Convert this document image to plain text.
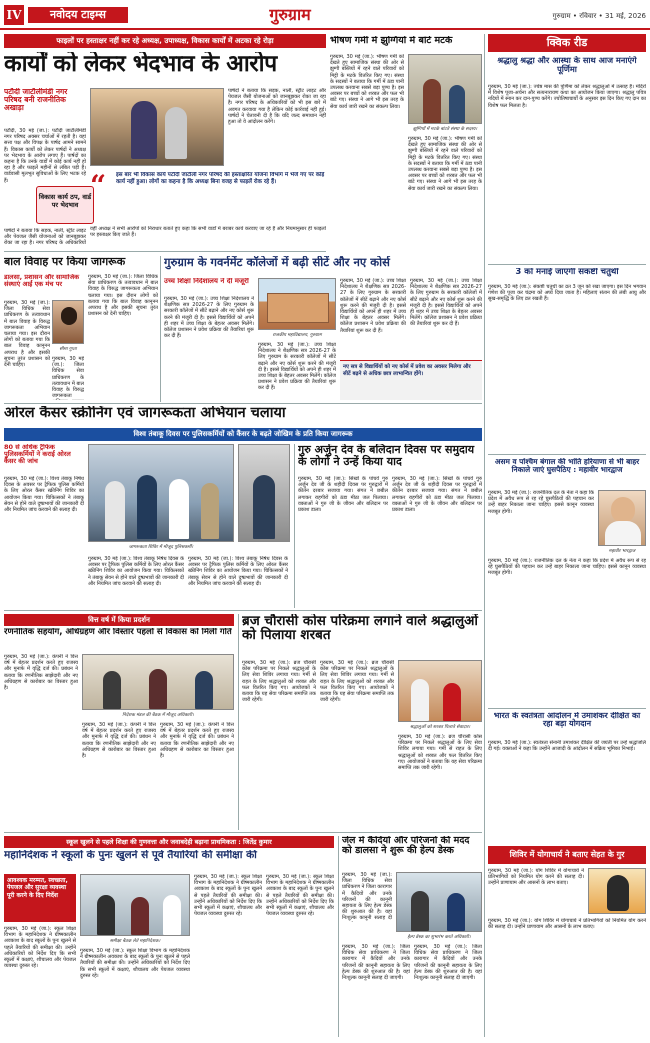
IV	नवोदय टाइम्स	गुरुग्राम	गुरुग्राम • रविवार • 31 मई, 2026
फाइलों पर हस्ताक्षर नहीं कर रहे अध्यक्ष, उपाध्यक्ष, विकास कार्यों में अटका रहे रोड़ा
कार्यों को लेकर भेदभाव के आरोप
पटौदी जाटौलीमंडी नगर परिषद बनी राजनीतिक अखाड़ा
पटौदी, 30 मई (जा.): पटौदी जाटौलीमंडी नगर परिषद अक्सर चर्चाओं में रहती है। यहां सत्ता पक्ष और विपक्ष के पार्षद आमने सामने हैं। विकास कार्यों को लेकर पार्षदों ने अध्यक्ष पर भेदभाव के आरोप लगाए हैं। पार्षदों का कहना है कि उनके वार्डों में कोई कार्य नहीं हो रहा है और फाइलें महीनों से लंबित पड़ी हैं। वार्डवासी मूलभूत सुविधाओं के लिए भटक रहे हैं।
विकास कार्य ठप, वार्ड पर भेदभाव
पार्षदों ने बताया कि सड़क, नाली, स्ट्रीट लाइट और पेयजल जैसी योजनाओं को जानबूझकर रोका जा रहा है। नगर परिषद के अधिकारियों
पार्षदों ने बताया कि सड़क, नाली, स्ट्रीट लाइट और पेयजल जैसी योजनाओं को जानबूझकर रोका जा रहा है। नगर परिषद के अधिकारियों को भी इस बारे में अवगत करवाया गया है लेकिन कोई कार्रवाई नहीं हुई। पार्षदों ने चेतावनी दी है कि यदि जल्द समाधान नहीं हुआ तो वे आंदोलन करेंगे।
“	इस बार भी विकास कार्य पटौदी जाटौली नगर परिषद की हस्ताक्षरित योजना विभाग में भेजे गए पर कोई कार्य नहीं हुआ। लोगों का कहना है कि अध्यक्ष बिना वजह से फाइलें रोक रहे हैं।
वहीं अध्यक्ष ने सभी आरोपों को निराधार बताते हुए कहा कि सभी वार्डों में बराबर कार्य करवाए जा रहे हैं और नियमानुसार ही फाइलों पर हस्ताक्षर किए जाते हैं।
भीषण गर्मी में झुग्गियों में बांटे मटके
गुरुग्राम, 30 मई (जा.): भीषण गर्मी को देखते हुए सामाजिक संस्था की ओर से झुग्गी बस्तियों में रहने वाले परिवारों को मिट्टी के मटके वितरित किए गए। संस्था के सदस्यों ने बताया कि गर्मी में ठंडा पानी उपलब्ध करवाना सबसे बड़ा पुण्य है। इस अवसर पर बच्चों को शरबत और फल भी बांटे गए। संस्था ने आगे भी इस तरह के सेवा कार्य जारी रखने का संकल्प लिया।
झुग्गियों में मटके बांटते संस्था के सदस्य।
गुरुग्राम, 30 मई (जा.): भीषण गर्मी को देखते हुए सामाजिक संस्था की ओर से झुग्गी बस्तियों में रहने वाले परिवारों को मिट्टी के मटके वितरित किए गए। संस्था के सदस्यों ने बताया कि गर्मी में ठंडा पानी उपलब्ध करवाना सबसे बड़ा पुण्य है। इस अवसर पर बच्चों को शरबत और फल भी बांटे गए। संस्था ने आगे भी इस तरह के सेवा कार्य जारी रखने का संकल्प लिया।
बाल विवाह पर किया जागरूक
डालसा, प्रशासन और सामाजिक संस्थाएं आईं एक मंच पर
गुरुग्राम, 30 मई (जा.): जिला विधिक सेवा प्राधिकरण के तत्वावधान में बाल विवाह के विरुद्ध जागरूकता अभियान चलाया गया। इस दौरान लोगों को बताया गया कि बाल विवाह कानूनन अपराध है और इसकी सूचना तुरंत प्रशासन को देनी चाहिए।
सीमा गुप्ता
गुरुग्राम, 30 मई (जा.): जिला विधिक सेवा प्राधिकरण के तत्वावधान में बाल विवाह के विरुद्ध जागरूकता
गुरुग्राम, 30 मई (जा.): जिला विधिक सेवा प्राधिकरण के तत्वावधान में बाल विवाह के विरुद्ध जागरूकता अभियान चलाया गया। इस दौरान लोगों को बताया गया कि बाल विवाह कानूनन अपराध है और इसकी सूचना तुरंत प्रशासन को देनी चाहिए।
गुरुग्राम के गवर्नमेंट कॉलेजों में बढ़ी सीटें और नए कोर्स
उच्च शिक्षा निदेशालय ने दी मंजूरी
गुरुग्राम, 30 मई (जा.): उच्च शिक्षा निदेशालय ने शैक्षणिक सत्र 2026-27 के लिए गुरुग्राम के सरकारी कॉलेजों में सीटें बढ़ाने और नए कोर्स शुरू करने की मंजूरी दी है। इससे विद्यार्थियों को अपने ही शहर में उच्च शिक्षा के बेहतर अवसर मिलेंगे। कॉलेज प्रशासन ने प्रवेश प्रक्रिया की तैयारियां शुरू कर दी हैं।	राजकीय महाविद्यालय, गुरुग्राम
गुरुग्राम, 30 मई (जा.): उच्च शिक्षा निदेशालय ने शैक्षणिक सत्र 2026-27 के लिए गुरुग्राम के सरकारी कॉलेजों में सीटें बढ़ाने और नए कोर्स शुरू करने की मंजूरी दी है। इससे विद्यार्थियों को अपने ही शहर में उच्च शिक्षा के बेहतर अवसर मिलेंगे। कॉलेज प्रशासन ने प्रवेश प्रक्रिया की तैयारियां शुरू कर दी हैं।
गुरुग्राम, 30 मई (जा.): उच्च शिक्षा निदेशालय ने शैक्षणिक सत्र 2026-27 के लिए गुरुग्राम के सरकारी कॉलेजों में सीटें बढ़ाने और नए कोर्स शुरू करने की मंजूरी दी है। इससे विद्यार्थियों को अपने ही शहर में उच्च शिक्षा के बेहतर अवसर मिलेंगे। कॉलेज प्रशासन ने प्रवेश प्रक्रिया की तैयारियां शुरू कर दी हैं।
गुरुग्राम, 30 मई (जा.): उच्च शिक्षा निदेशालय ने शैक्षणिक सत्र 2026-27 के लिए गुरुग्राम के सरकारी कॉलेजों में सीटें बढ़ाने और नए कोर्स शुरू करने की मंजूरी दी है। इससे विद्यार्थियों को अपने ही शहर में उच्च शिक्षा के बेहतर अवसर मिलेंगे। कॉलेज प्रशासन ने प्रवेश प्रक्रिया की तैयारियां शुरू कर दी हैं।
नए सत्र से विद्यार्थियों को नए कोर्स में प्रवेश का अवसर मिलेगा और सीटें बढ़ने से अधिक छात्र लाभान्वित होंगे।
ओरल कैंसर स्क्रीनिंग एवं जागरूकता अभियान चलाया
विश्व तंबाकू दिवस पर पुलिसकर्मियों को कैंसर के बढ़ते जोखिम के प्रति किया जागरूक
80 से अधिक ट्रैफिक पुलिसकर्मियों ने कराई ओरल कैंसर की जांच
गुरुग्राम, 30 मई (जा.): विश्व तंबाकू निषेध दिवस के अवसर पर ट्रैफिक पुलिस कर्मियों के लिए ओरल कैंसर स्क्रीनिंग शिविर का आयोजन किया गया। चिकित्सकों ने तंबाकू सेवन से होने वाले दुष्प्रभावों की जानकारी दी और नियमित जांच करवाने की सलाह दी।
जागरूकता शिविर में मौजूद पुलिसकर्मी।
गुरुग्राम, 30 मई (जा.): विश्व तंबाकू निषेध दिवस के अवसर पर ट्रैफिक पुलिस कर्मियों के लिए ओरल कैंसर स्क्रीनिंग शिविर का आयोजन किया गया। चिकित्सकों ने तंबाकू सेवन से होने वाले दुष्प्रभावों की जानकारी दी और नियमित जांच करवाने की सलाह दी।
गुरुग्राम, 30 मई (जा.): विश्व तंबाकू निषेध दिवस के अवसर पर ट्रैफिक पुलिस कर्मियों के लिए ओरल कैंसर स्क्रीनिंग शिविर का आयोजन किया गया। चिकित्सकों ने तंबाकू सेवन से होने वाले दुष्प्रभावों की जानकारी दी और नियमित जांच करवाने की सलाह दी।
गुरु अर्जुन देव के बलिदान दिवस पर समुदाय के लोगों ने उन्हें किया याद
गुरुग्राम, 30 मई (जा.): सिखों के पांचवें गुरु अर्जुन देव जी के शहीदी दिवस पर गुरुद्वारों में कीर्तन दरबार सजाया गया। संगत ने छबील लगाकर राहगीरों को ठंडा मीठा जल पिलाया। वक्ताओं ने गुरु जी के जीवन और बलिदान पर प्रकाश डाला।
गुरुग्राम, 30 मई (जा.): सिखों के पांचवें गुरु अर्जुन देव जी के शहीदी दिवस पर गुरुद्वारों में कीर्तन दरबार सजाया गया। संगत ने छबील लगाकर राहगीरों को ठंडा मीठा जल पिलाया। वक्ताओं ने गुरु जी के जीवन और बलिदान पर प्रकाश डाला।
वित्त वर्ष में किया प्रदर्शन
रणनीतिक सहयोग, अधिग्रहण और विस्तार पहलों से विकास को मिली गति
गुरुग्राम, 30 मई (जा.): कंपनी ने वित्त वर्ष में बेहतर प्रदर्शन करते हुए राजस्व और मुनाफे में वृद्धि दर्ज की। प्रबंधन ने बताया कि रणनीतिक साझेदारी और नए अधिग्रहण से कारोबार का विस्तार हुआ है।
निदेशक मंडल की बैठक में मौजूद अधिकारी।
गुरुग्राम, 30 मई (जा.): कंपनी ने वित्त वर्ष में बेहतर प्रदर्शन करते हुए राजस्व और मुनाफे में वृद्धि दर्ज की। प्रबंधन ने बताया कि रणनीतिक साझेदारी और नए अधिग्रहण से कारोबार का विस्तार हुआ है।
गुरुग्राम, 30 मई (जा.): कंपनी ने वित्त वर्ष में बेहतर प्रदर्शन करते हुए राजस्व और मुनाफे में वृद्धि दर्ज की। प्रबंधन ने बताया कि रणनीतिक साझेदारी और नए अधिग्रहण से कारोबार का विस्तार हुआ है।
ब्रज चौरासी कोस परिक्रमा लगाने वाले श्रद्धालुओं को पिलाया शरबत
गुरुग्राम, 30 मई (जा.): ब्रज चौरासी कोस परिक्रमा पर निकले श्रद्धालुओं के लिए सेवा शिविर लगाया गया। गर्मी से राहत के लिए श्रद्धालुओं को शरबत और फल वितरित किए गए। आयोजकों ने बताया कि यह सेवा परिक्रमा समाप्ति तक जारी रहेगी।
गुरुग्राम, 30 मई (जा.): ब्रज चौरासी कोस परिक्रमा पर निकले श्रद्धालुओं के लिए सेवा शिविर लगाया गया। गर्मी से राहत के लिए श्रद्धालुओं को शरबत और फल वितरित किए गए। आयोजकों ने बताया कि यह सेवा परिक्रमा समाप्ति तक जारी रहेगी।
श्रद्धालुओं को शरबत पिलाते सेवादार।
गुरुग्राम, 30 मई (जा.): ब्रज चौरासी कोस परिक्रमा पर निकले श्रद्धालुओं के लिए सेवा शिविर लगाया गया। गर्मी से राहत के लिए श्रद्धालुओं को शरबत और फल वितरित किए गए। आयोजकों ने बताया कि यह सेवा परिक्रमा समाप्ति तक जारी रहेगी।
स्कूल खुलने से पहले शिक्षा की गुणवत्ता और जवाबदेही बढ़ाना प्राथमिकता : जितेंद्र कुमार
महानिदेशक ने स्कूलों के पुनः खुलने से पूर्व तैयारियों की समीक्षा की
आवश्यक मरम्मत, स्वच्छता, पेयजल और सुरक्षा व्यवस्था पूरी करने के दिए निर्देश
गुरुग्राम, 30 मई (जा.): स्कूल शिक्षा विभाग के महानिदेशक ने ग्रीष्मकालीन अवकाश के बाद स्कूलों के पुनः खुलने से पहले तैयारियों की समीक्षा की। उन्होंने अधिकारियों को निर्देश दिए कि सभी स्कूलों में कक्षाएं, शौचालय और पेयजल व्यवस्था दुरुस्त रहे।
समीक्षा बैठक लेते महानिदेशक।
गुरुग्राम, 30 मई (जा.): स्कूल शिक्षा विभाग के महानिदेशक ने ग्रीष्मकालीन अवकाश के बाद स्कूलों के पुनः खुलने से पहले तैयारियों की समीक्षा की। उन्होंने अधिकारियों को निर्देश दिए कि सभी स्कूलों में कक्षाएं, शौचालय और पेयजल व्यवस्था दुरुस्त रहे।
गुरुग्राम, 30 मई (जा.): स्कूल शिक्षा विभाग के महानिदेशक ने ग्रीष्मकालीन अवकाश के बाद स्कूलों के पुनः खुलने से पहले तैयारियों की समीक्षा की। उन्होंने अधिकारियों को निर्देश दिए कि सभी स्कूलों में कक्षाएं, शौचालय और पेयजल व्यवस्था दुरुस्त रहे।
गुरुग्राम, 30 मई (जा.): स्कूल शिक्षा विभाग के महानिदेशक ने ग्रीष्मकालीन अवकाश के बाद स्कूलों के पुनः खुलने से पहले तैयारियों की समीक्षा की। उन्होंने अधिकारियों को निर्देश दिए कि सभी स्कूलों में कक्षाएं, शौचालय और पेयजल व्यवस्था दुरुस्त रहे।
जेल में कैदियों और परिजनों की मदद को डालसा ने शुरू की हेल्प डेस्क
गुरुग्राम, 30 मई (जा.): जिला विधिक सेवा प्राधिकरण ने जिला कारागार में कैदियों और उनके परिजनों की कानूनी सहायता के लिए हेल्प डेस्क की शुरुआत की है। यहां निःशुल्क कानूनी सलाह दी
हेल्प डेस्क का शुभारंभ करते अधिकारी।
गुरुग्राम, 30 मई (जा.): जिला विधिक सेवा प्राधिकरण ने जिला कारागार में कैदियों और उनके परिजनों की कानूनी सहायता के लिए हेल्प डेस्क की शुरुआत की है। यहां निःशुल्क कानूनी सलाह दी जाएगी।
गुरुग्राम, 30 मई (जा.): जिला विधिक सेवा प्राधिकरण ने जिला कारागार में कैदियों और उनके परिजनों की कानूनी सहायता के लिए हेल्प डेस्क की शुरुआत की है। यहां निःशुल्क कानूनी सलाह दी जाएगी।
क्विक रीड
श्रद्धालु श्रद्धा और आस्था के साथ आज मनाएंगे पूर्णिमा
गुरुग्राम, 30 मई (जा.): ज्येष्ठ मास की पूर्णिमा को लेकर श्रद्धालुओं में उत्साह है। मंदिरों में विशेष पूजा-अर्चना और सत्यनारायण कथा का आयोजन किया जाएगा। श्रद्धालु पवित्र नदियों में स्नान कर दान-पुण्य करेंगे। ज्योतिषाचार्यों के अनुसार इस दिन किए गए दान का विशेष फल मिलता है।
3 को मनाई जाएगी संकष्टी चतुर्थी
गुरुग्राम, 30 मई (जा.): संकष्टी चतुर्थी का व्रत 3 जून को रखा जाएगा। इस दिन भगवान गणेश की पूजा कर चंद्रमा को अर्घ्य दिया जाता है। महिलाएं संतान की लंबी आयु और सुख-समृद्धि के लिए व्रत रखती हैं।
असम व पश्चिम बंगाल की भांति हरियाणा से भी बाहर निकाले जाएं घुसपैठिए : महावीर भारद्वाज
गुरुग्राम, 30 मई (जा.): राजनीतिक दल के नेता ने कहा कि प्रदेश में अवैध रूप से रह रहे घुसपैठियों की पहचान कर उन्हें बाहर निकाला जाना चाहिए। इससे कानून व्यवस्था मजबूत होगी।
महावीर भारद्वाज
गुरुग्राम, 30 मई (जा.): राजनीतिक दल के नेता ने कहा कि प्रदेश में अवैध रूप से रह रहे घुसपैठियों की पहचान कर उन्हें बाहर निकाला जाना चाहिए। इससे कानून व्यवस्था मजबूत होगी।
भारत के स्वतंत्रता आंदोलन में उमाशंकर दीक्षित का रहा बड़ा योगदान
गुरुग्राम, 30 मई (जा.): स्वतंत्रता सेनानी उमाशंकर दीक्षित की जयंती पर उन्हें श्रद्धांजलि दी गई। वक्ताओं ने कहा कि उन्होंने आजादी के आंदोलन में सक्रिय भूमिका निभाई।
शिविर में योगाचार्य ने बताए सेहत के गुर
गुरुग्राम, 30 मई (जा.): योग शिविर में योगाचार्य ने प्रतिभागियों को नियमित योग करने की सलाह दी। उन्होंने प्राणायाम और आसनों के लाभ बताए।
गुरुग्राम, 30 मई (जा.): योग शिविर में योगाचार्य ने प्रतिभागियों को नियमित योग करने की सलाह दी। उन्होंने प्राणायाम और आसनों के लाभ बताए।
